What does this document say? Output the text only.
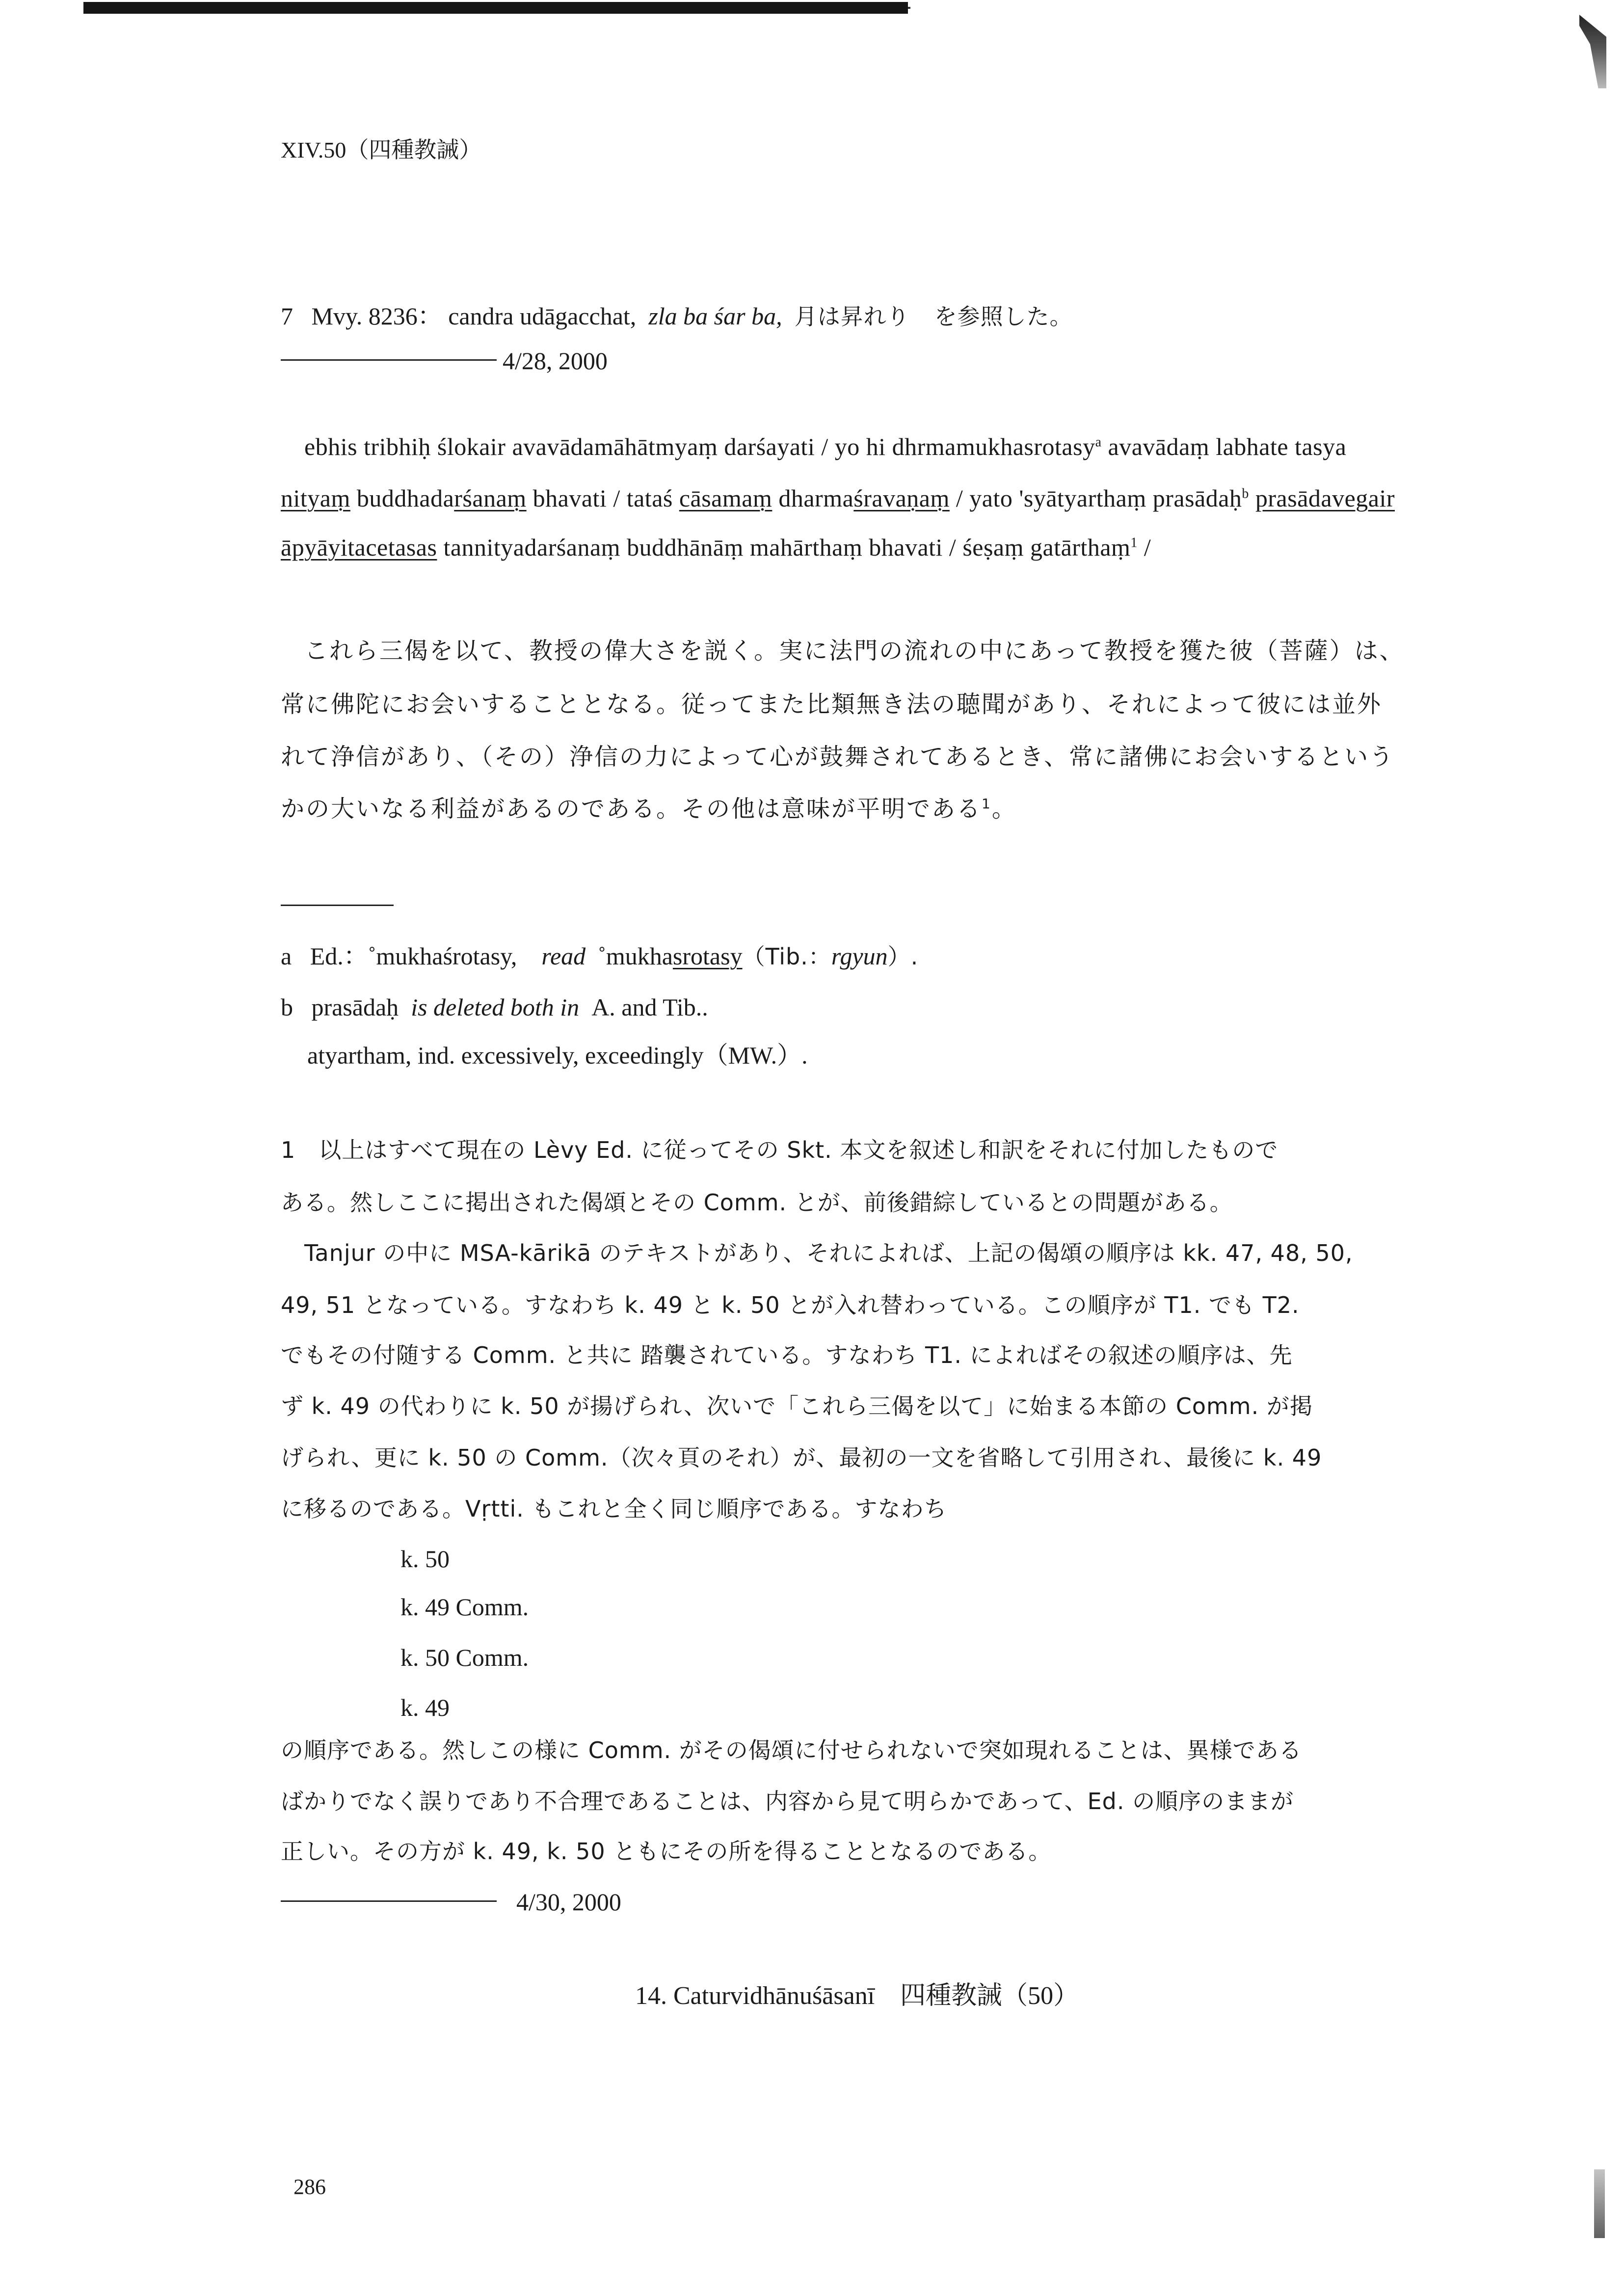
XIV.50（四種教誡）
7 Mvy. 8236： candra udāgacchat, zla ba śar ba, 月は昇れり を参照した。
4/28, 2000
ebhis tribhiḥ ślokair avavādamāhātmyaṃ darśayati / yo hi dhrmamukhasrotasy$^a$ avavādaṃ labhate tasya
nityaṃ buddhadarśanaṃ bhavati / tataś cāsamaṃ dharmaśravaṇaṃ / yato 'syātyarthaṃ prasādaḥ$^b$ prasādavegair
āpyāyitacetasas tannityadarśanaṃ buddhānāṃ mahārthaṃ bhavati / śeṣaṃ gatārthaṃ$^1$ /
これら三偈を以て、教授の偉大さを説く。実に法門の流れの中にあって教授を獲た彼（菩薩）は、
常に佛陀にお会いすることとなる。従ってまた比類無き法の聴聞があり、それによって彼には並外
れて浄信があり、（その）浄信の力によって心が鼓舞されてあるとき、常に諸佛にお会いするという
かの大いなる利益があるのである。その他は意味が平明である$^1$。
a Ed.：˚mukhaśrotasy, read ˚mukhasrotasy（Tib.：rgyun）.
b prasādaḥ is deleted both in A. and Tib..
atyartham, ind. excessively, exceedingly（MW.）.
1　以上はすべて現在の Lèvy Ed. に従ってその Skt. 本文を叙述し和訳をそれに付加したもので
ある。然しここに掲出された偈頌とその Comm. とが、前後錯綜しているとの問題がある。
Tanjur の中に MSA-kārikā のテキストがあり、それによれば、上記の偈頌の順序は kk. 47, 48, 50,
49, 51 となっている。すなわち k. 49 と k. 50 とが入れ替わっている。この順序が T1. でも T2.
でもその付随する Comm. と共に 踏襲されている。すなわち T1. によればその叙述の順序は、先
ず k. 49 の代わりに k. 50 が揚げられ、次いで「これら三偈を以て」に始まる本節の Comm. が掲
げられ、更に k. 50 の Comm.（次々頁のそれ）が、最初の一文を省略して引用され、最後に k. 49
に移るのである。Vṛtti. もこれと全く同じ順序である。すなわち
k. 50
k. 49 Comm.
k. 50 Comm.
k. 49
の順序である。然しこの様に Comm. がその偈頌に付せられないで突如現れることは、異様である
ばかりでなく誤りであり不合理であることは、内容から見て明らかであって、Ed. の順序のままが
正しい。その方が k. 49, k. 50 ともにその所を得ることとなるのである。
4/30, 2000
14. Caturvidhānuśāsanī　四種教誡（50）
286
